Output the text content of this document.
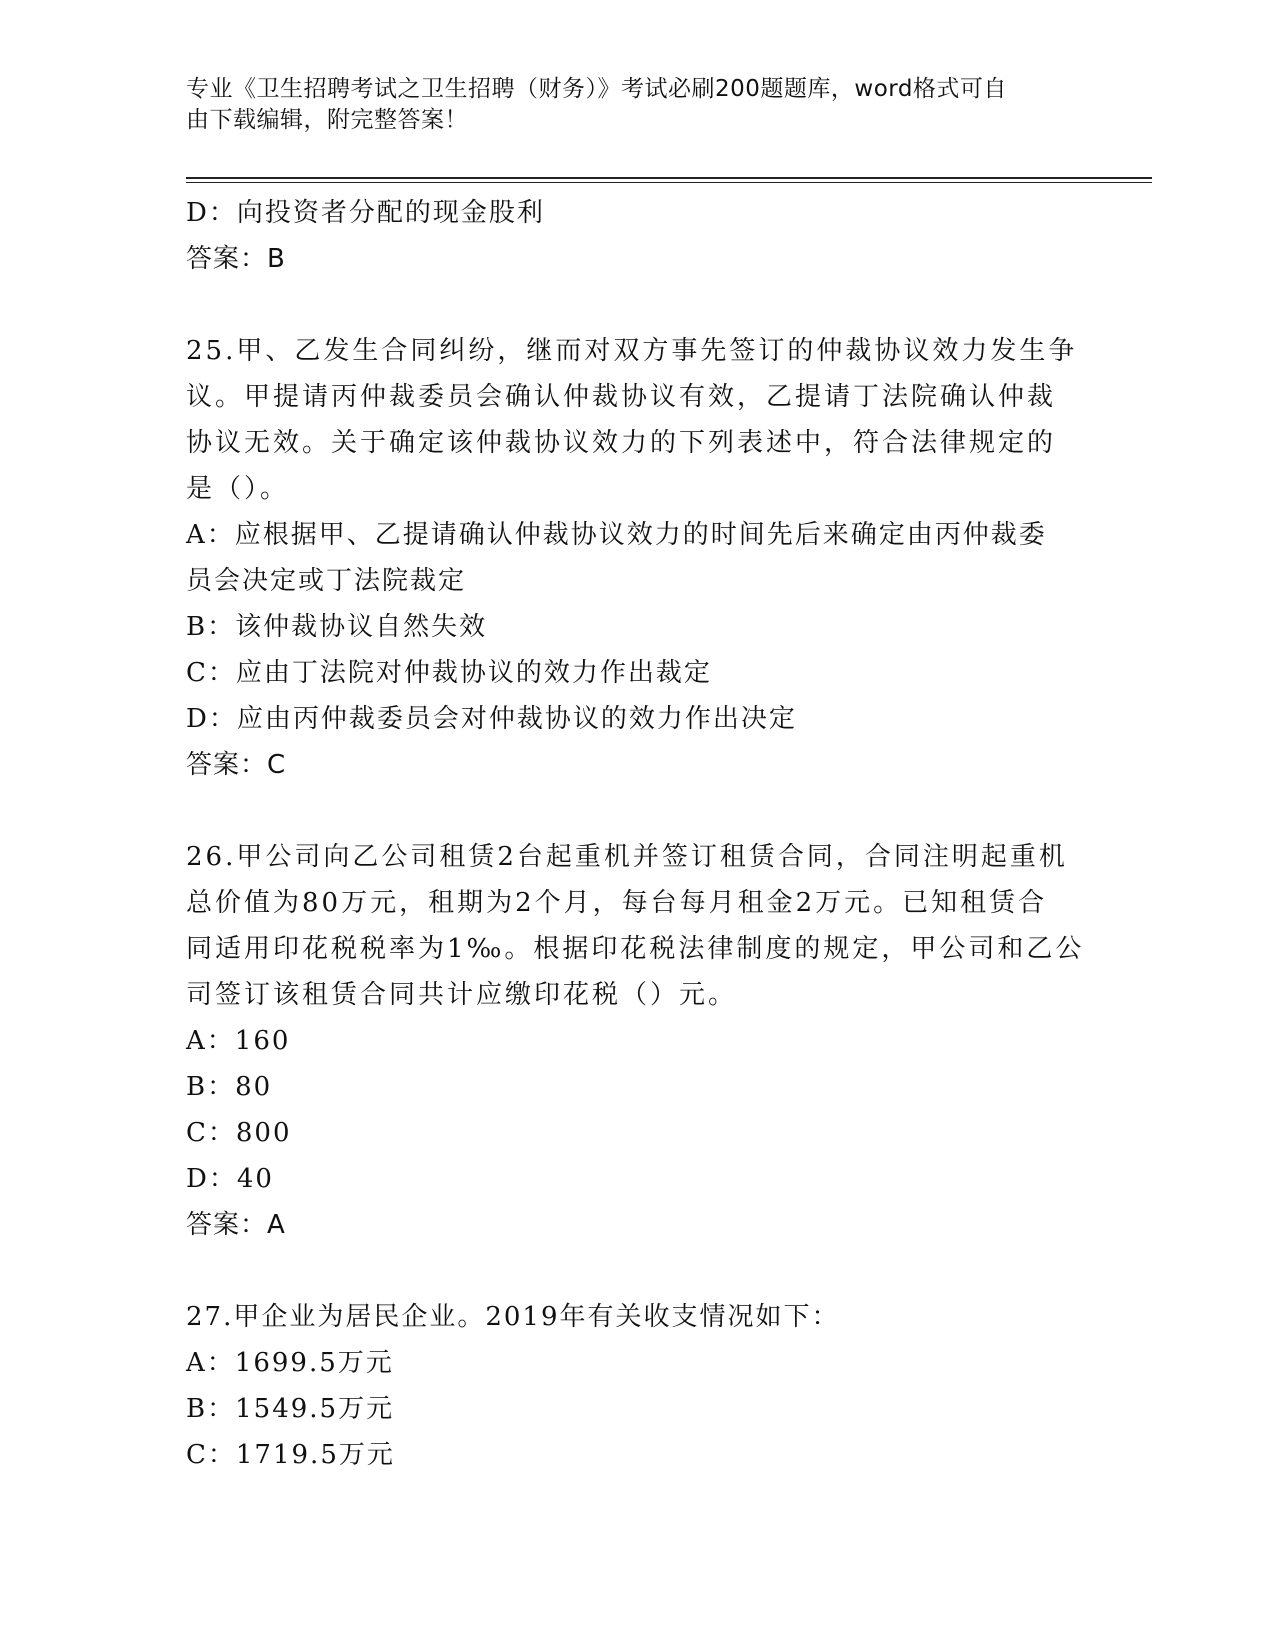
专业《卫生招聘考试之卫生招聘（财务）》考试必刷200题题库，word格式可自
由下载编辑，附完整答案！
D：向投资者分配的现金股利
答案：B
25.甲、乙发生合同纠纷，继而对双方事先签订的仲裁协议效力发生争
议。甲提请丙仲裁委员会确认仲裁协议有效，乙提请丁法院确认仲裁
协议无效。关于确定该仲裁协议效力的下列表述中，符合法律规定的
是（）。
A：应根据甲、乙提请确认仲裁协议效力的时间先后来确定由丙仲裁委
员会决定或丁法院裁定
B：该仲裁协议自然失效
C：应由丁法院对仲裁协议的效力作出裁定
D：应由丙仲裁委员会对仲裁协议的效力作出决定
答案：C
26.甲公司向乙公司租赁2台起重机并签订租赁合同，合同注明起重机
总价值为80万元，租期为2个月，每台每月租金2万元。已知租赁合
同适用印花税税率为1‰。根据印花税法律制度的规定，甲公司和乙公
司签订该租赁合同共计应缴印花税（）元。
A：160
B：80
C：800
D：40
答案：A
27.甲企业为居民企业。2019年有关收支情况如下：
A：1699.5万元
B：1549.5万元
C：1719.5万元
